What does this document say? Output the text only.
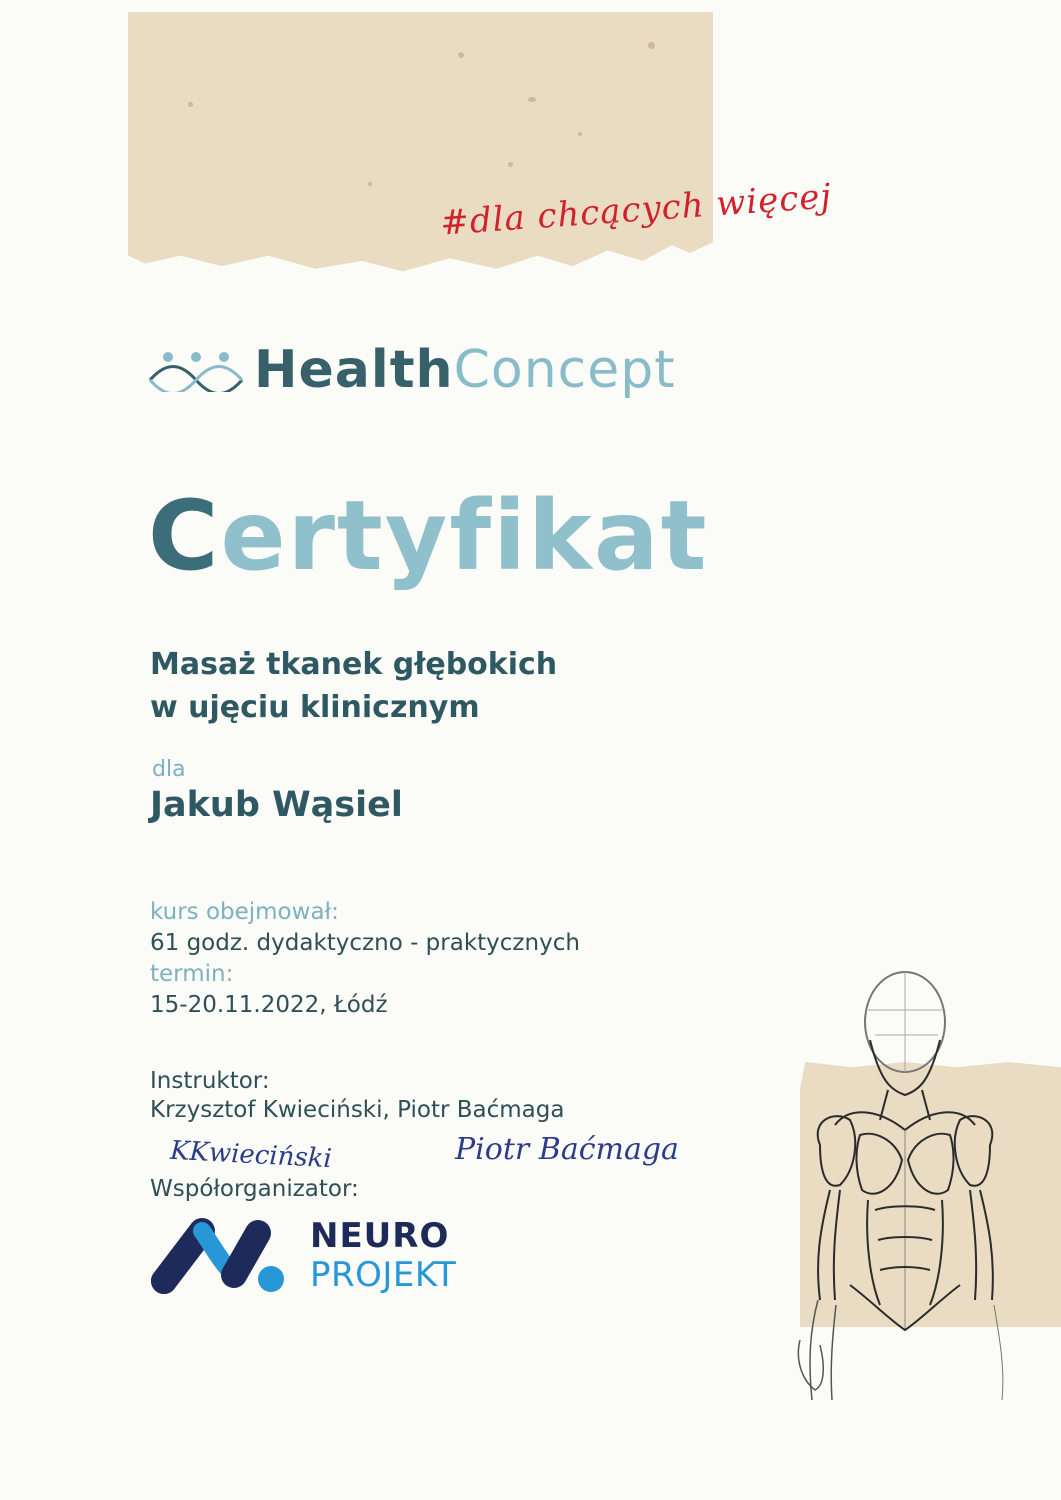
#dla chcących więcej
Health Concept
Certyfikat
Masaż tkanek głębokich
w ujęciu klinicznym
dla
Jakub Wąsiel
kurs obejmował:
61 godz. dydaktyczno - praktycznych
termin:
15-20.11.2022, Łódź
Instruktor:
Krzysztof Kwieciński, Piotr Baćmaga
KKwieciński	Piotr Baćmaga
Współorganizator:
NEURO
PROJEKT
